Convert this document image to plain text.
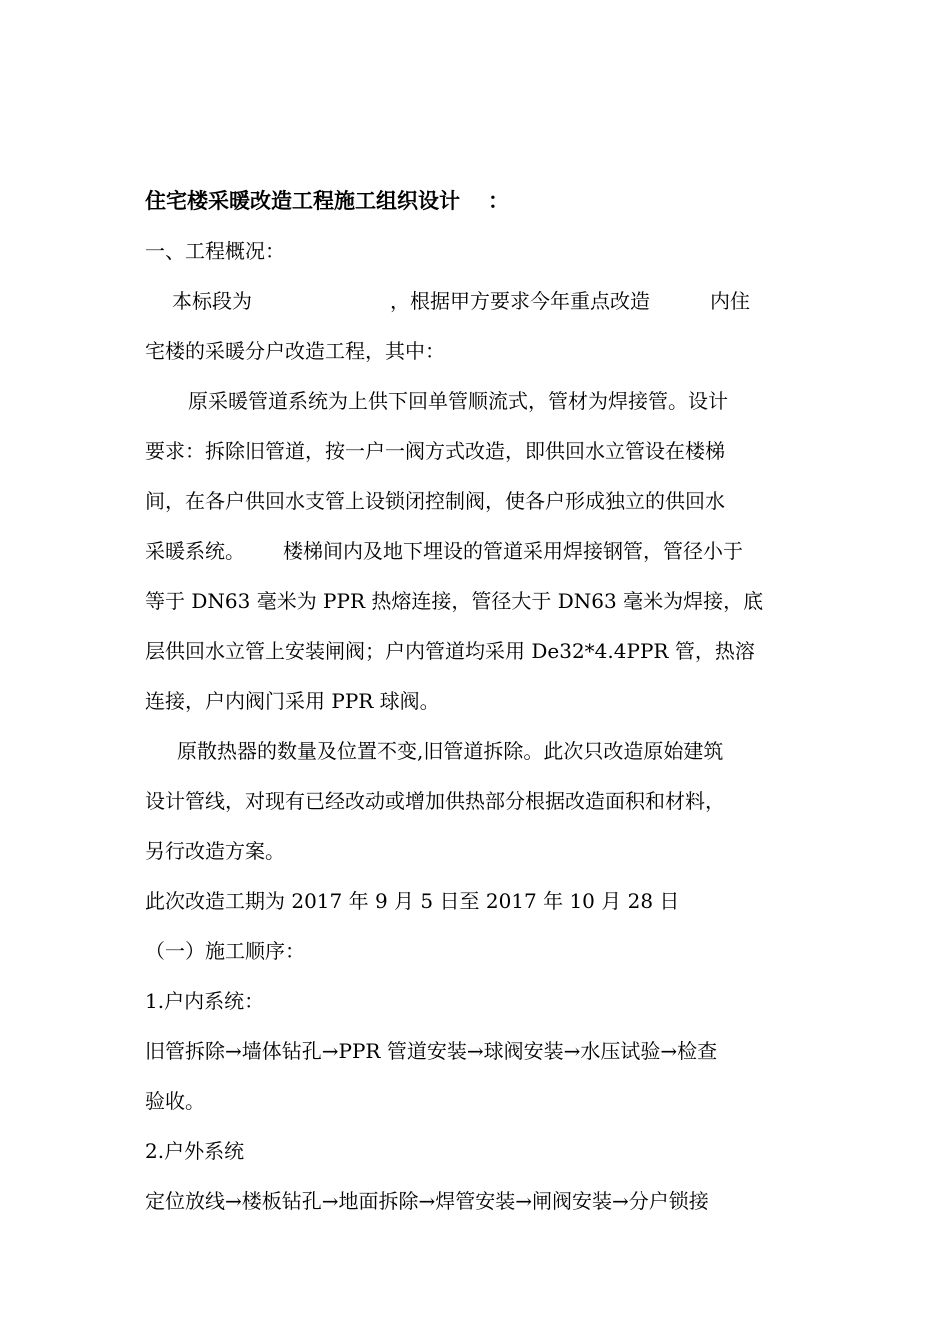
住宅楼采暖改造工程施工组织设计 ：
一、工程概况：
本标段为	，根据甲方要求今年重点改造	内住
宅楼的采暖分户改造工程，其中：
原采暖管道系统为上供下回单管顺流式，管材为焊接管。设计
要求：拆除旧管道，按一户一阀方式改造，即供回水立管设在楼梯
间，在各户供回水支管上设锁闭控制阀，使各户形成独立的供回水
采暖系统。 楼梯间内及地下埋设的管道采用焊接钢管，管径小于
等于 DN63 毫米为 PPR 热熔连接，管径大于 DN63 毫米为焊接，底
层供回水立管上安装闸阀；户内管道均采用 De32*4.4PPR 管，热溶
连接，户内阀门采用 PPR 球阀。
原散热器的数量及位置不变,旧管道拆除。此次只改造原始建筑
设计管线，对现有已经改动或增加供热部分根据改造面积和材料，
另行改造方案。
此次改造工期为 2017 年 9 月 5 日至 2017 年 10 月 28 日
（一）施工顺序：
1.户内系统：
旧管拆除→墙体钻孔→PPR 管道安装→球阀安装→水压试验→检查
验收。
2.户外系统
定位放线→楼板钻孔→地面拆除→焊管安装→闸阀安装→分户锁接
